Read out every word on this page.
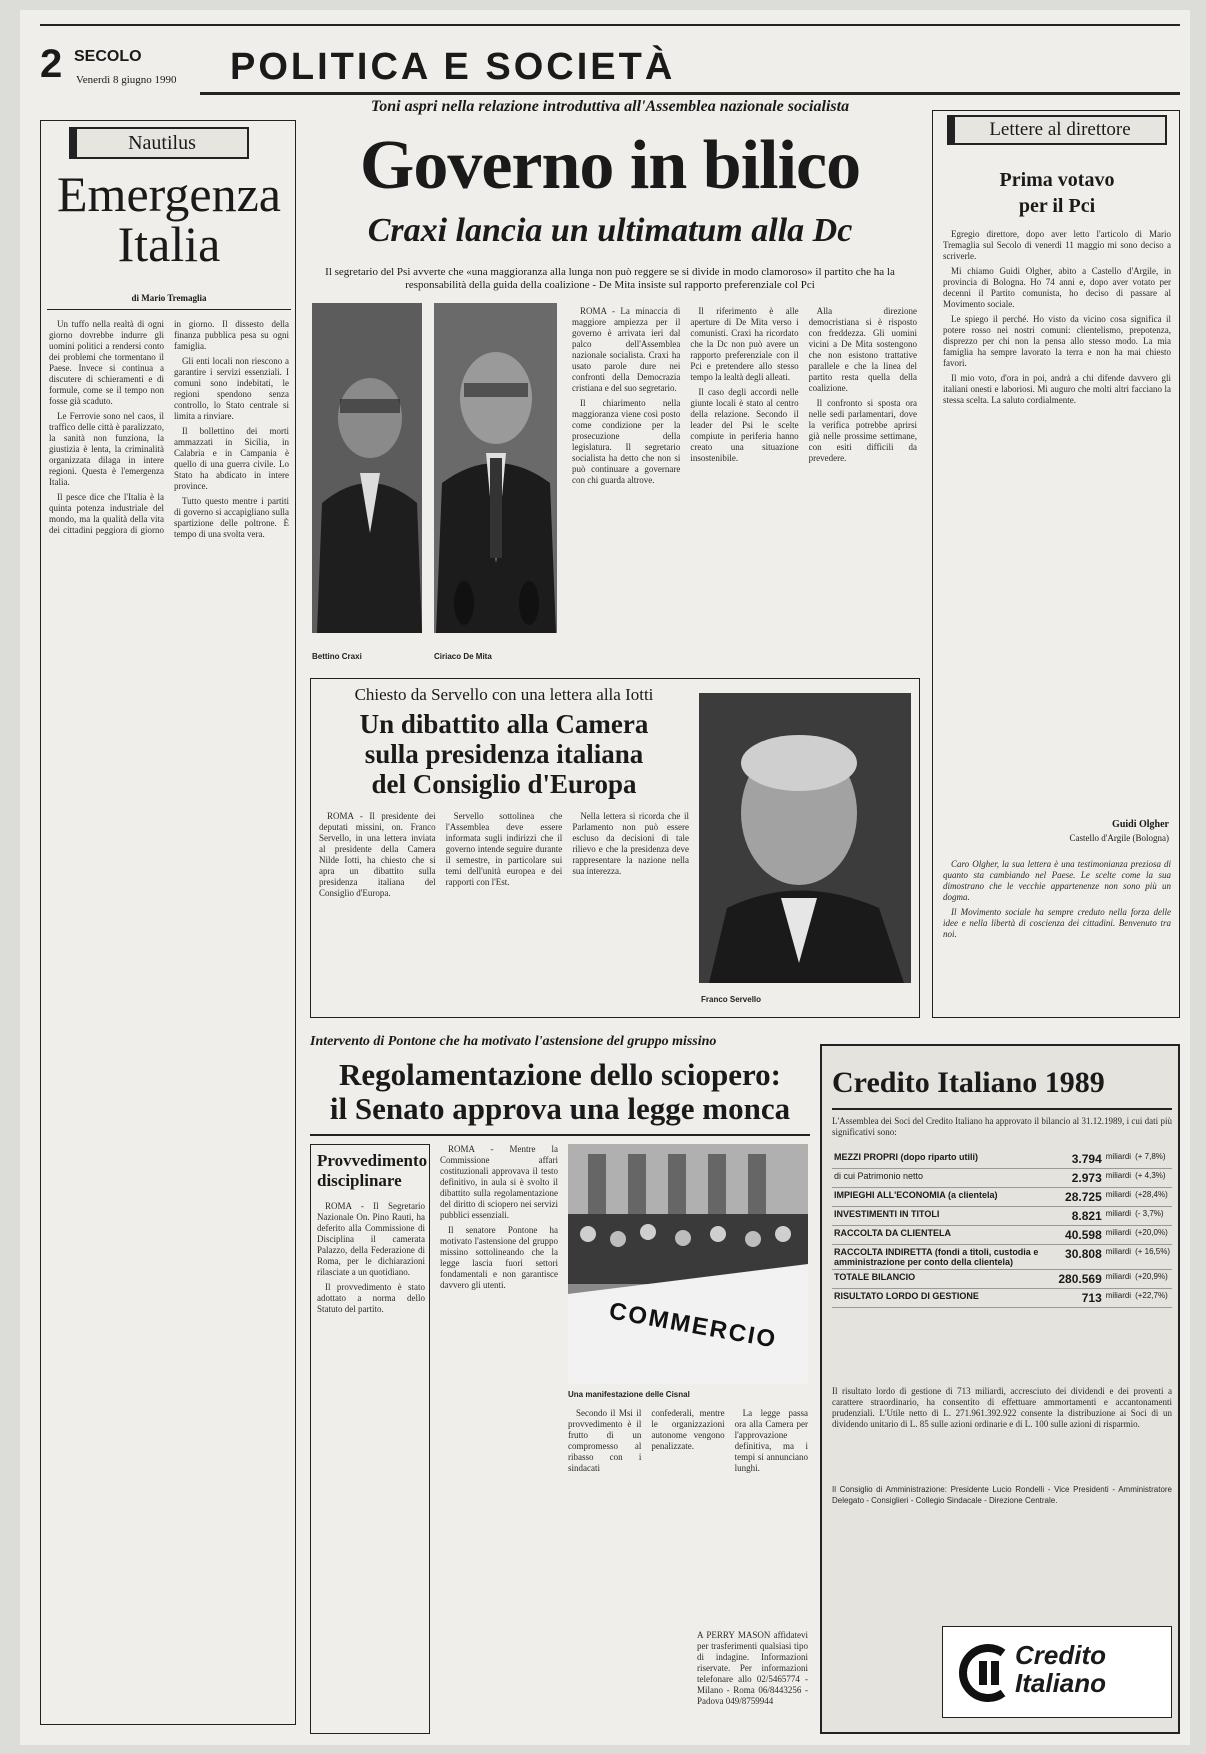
2 SECOLO
Venerdì 8 giugno 1990 POLITICA E SOCIETÀ
Nautilus
Emergenza
Italia
di Mario Tremaglia

Un tuffo nella realtà di ogni giorno dovrebbe indurre gli uomini politici a rendersi conto dei problemi che tormentano il Paese. Invece si continua a discutere di schieramenti e di formule, come se il tempo non fosse già scaduto.

Le Ferrovie sono nel caos, il traffico delle città è paralizzato, la sanità non funziona, la giustizia è lenta, la criminalità organizzata dilaga in intere regioni. Questa è l'emergenza Italia.

Il pesce dice che l'Italia è la quinta potenza industriale del mondo, ma la qualità della vita dei cittadini peggiora di giorno in giorno. Il dissesto della finanza pubblica pesa su ogni famiglia.

Gli enti locali non riescono a garantire i servizi essenziali. I comuni sono indebitati, le regioni spendono senza controllo, lo Stato centrale si limita a rinviare.

Il bollettino dei morti ammazzati in Sicilia, in Calabria e in Campania è quello di una guerra civile. Lo Stato ha abdicato in intere province.

Tutto questo mentre i partiti di governo si accapigliano sulla spartizione delle poltrone. È tempo di una svolta vera.

Toni aspri nella relazione introduttiva all'Assemblea nazionale socialista
Governo in bilico
Craxi lancia un ultimatum alla Dc
Il segretario del Psi avverte che «una maggioranza alla lunga non può reggere se si divide in modo clamoroso» il partito che ha la responsabilità della guida della coalizione - De Mita insiste sul rapporto preferenziale col Pci
Bettino Craxi	Ciriaco De Mita

ROMA - La minaccia di maggiore ampiezza per il governo è arrivata ieri dal palco dell'Assemblea nazionale socialista. Craxi ha usato parole dure nei confronti della Democrazia cristiana e del suo segretario.

Il chiarimento nella maggioranza viene così posto come condizione per la prosecuzione della legislatura. Il segretario socialista ha detto che non si può continuare a governare con chi guarda altrove.

Il riferimento è alle aperture di De Mita verso i comunisti. Craxi ha ricordato che la Dc non può avere un rapporto preferenziale con il Pci e pretendere allo stesso tempo la lealtà degli alleati.

Il caso degli accordi nelle giunte locali è stato al centro della relazione. Secondo il leader del Psi le scelte compiute in periferia hanno creato una situazione insostenibile.

Alla direzione democristiana si è risposto con freddezza. Gli uomini vicini a De Mita sostengono che non esistono trattative parallele e che la linea del partito resta quella della coalizione.

Il confronto si sposta ora nelle sedi parlamentari, dove la verifica potrebbe aprirsi già nelle prossime settimane, con esiti difficili da prevedere.

Chiesto da Servello con una lettera alla Iotti
Un dibattito alla Camera
sulla presidenza italiana
del Consiglio d'Europa

ROMA - Il presidente dei deputati missini, on. Franco Servello, in una lettera inviata al presidente della Camera Nilde Iotti, ha chiesto che si apra un dibattito sulla presidenza italiana del Consiglio d'Europa.

Servello sottolinea che l'Assemblea deve essere informata sugli indirizzi che il governo intende seguire durante il semestre, in particolare sui temi dell'unità europea e dei rapporti con l'Est.

Nella lettera si ricorda che il Parlamento non può essere escluso da decisioni di tale rilievo e che la presidenza deve rappresentare la nazione nella sua interezza.

Franco Servello
Lettere al direttore
Prima votavo
per il Pci

Egregio direttore, dopo aver letto l'articolo di Mario Tremaglia sul Secolo di venerdì 11 maggio mi sono deciso a scriverle.

Mi chiamo Guidi Olgher, abito a Castello d'Argile, in provincia di Bologna. Ho 74 anni e, dopo aver votato per decenni il Partito comunista, ho deciso di passare al Movimento sociale.

Le spiego il perché. Ho visto da vicino cosa significa il potere rosso nei nostri comuni: clientelismo, prepotenza, disprezzo per chi non la pensa allo stesso modo. La mia famiglia ha sempre lavorato la terra e non ha mai chiesto favori.

Il mio voto, d'ora in poi, andrà a chi difende davvero gli italiani onesti e laboriosi. Mi auguro che molti altri facciano la stessa scelta. La saluto cordialmente.

Guidi Olgher
Castello d'Argile (Bologna)

Caro Olgher, la sua lettera è una testimonianza preziosa di quanto sta cambiando nel Paese. Le scelte come la sua dimostrano che le vecchie appartenenze non sono più un dogma.

Il Movimento sociale ha sempre creduto nella forza delle idee e nella libertà di coscienza dei cittadini. Benvenuto tra noi.

Intervento di Pontone che ha motivato l'astensione del gruppo missino
Regolamentazione dello sciopero:
il Senato approva una legge monca
Provvedimento disciplinare

ROMA - Il Segretario Nazionale On. Pino Rauti, ha deferito alla Commissione di Disciplina il camerata Palazzo, della Federazione di Roma, per le dichiarazioni rilasciate a un quotidiano.

Il provvedimento è stato adottato a norma dello Statuto del partito.

ROMA - Mentre la Commissione affari costituzionali approvava il testo definitivo, in aula si è svolto il dibattito sulla regolamentazione del diritto di sciopero nei servizi pubblici essenziali.

Il senatore Pontone ha motivato l'astensione del gruppo missino sottolineando che la legge lascia fuori settori fondamentali e non garantisce davvero gli utenti.

COMMERCIO
Una manifestazione delle Cisnal

Secondo il Msi il provvedimento è il frutto di un compromesso al ribasso con i sindacati confederali, mentre le organizzazioni autonome vengono penalizzate.

La legge passa ora alla Camera per l'approvazione definitiva, ma i tempi si annunciano lunghi.

A PERRY MASON affidatevi per trasferimenti qualsiasi tipo di indagine. Informazioni riservate. Per informazioni telefonare allo 02/5465774 - Milano - Roma 06/8443256 - Padova 049/8759944
Credito Italiano 1989
L'Assemblea dei Soci del Credito Italiano ha approvato il bilancio al 31.12.1989, i cui dati più significativi sono:
MEZZI PROPRI (dopo riparto utili)	3.794	miliardi	(+ 7,8%)
di cui Patrimonio netto	2.973	miliardi	(+ 4,3%)
IMPIEGHI ALL'ECONOMIA (a clientela)	28.725	miliardi	(+28,4%)
INVESTIMENTI IN TITOLI	8.821	miliardi	(- 3,7%)
RACCOLTA DA CLIENTELA	40.598	miliardi	(+20,0%)
RACCOLTA INDIRETTA (fondi a titoli, custodia e amministrazione per conto della clientela)	30.808	miliardi	(+ 16,5%)
TOTALE BILANCIO	280.569	miliardi	(+20,9%)
RISULTATO LORDO DI GESTIONE	713	miliardi	(+22,7%)
Il risultato lordo di gestione di 713 miliardi, accresciuto dei dividendi e dei proventi a carattere straordinario, ha consentito di effettuare ammortamenti e accantonamenti prudenziali. L'Utile netto di L. 271.961.392.922 consente la distribuzione ai Soci di un dividendo unitario di L. 85 sulle azioni ordinarie e di L. 100 sulle azioni di risparmio.
Il Consiglio di Amministrazione: Presidente Lucio Rondelli - Vice Presidenti - Amministratore Delegato - Consiglieri - Collegio Sindacale - Direzione Centrale.
Credito
Italiano
